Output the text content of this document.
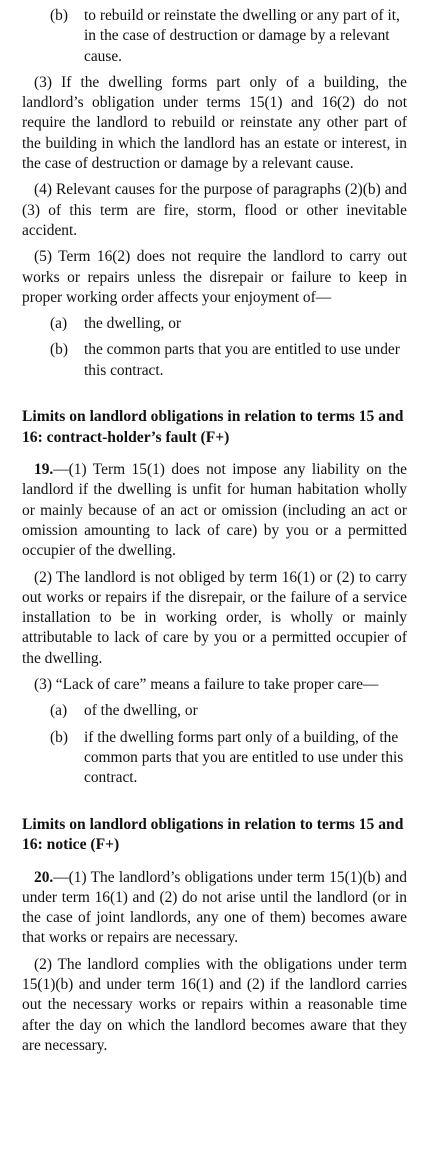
(b)	to rebuild or reinstate the dwelling or any part of it, in the case of destruction or damage by a relevant cause.

(3) If the dwelling forms part only of a building, the landlord’s obligation under terms 15(1) and 16(2) do not require the landlord to rebuild or reinstate any other part of the building in which the landlord has an estate or interest, in the case of destruction or damage by a relevant cause.

(4) Relevant causes for the purpose of paragraphs (2)(b) and (3) of this term are fire, storm, flood or other inevitable accident.

(5) Term 16(2) does not require the landlord to carry out works or repairs unless the disrepair or failure to keep in proper working order affects your enjoyment of—

(a)	the dwelling, or
(b)	the common parts that you are entitled to use under this contract.
Limits on landlord obligations in relation to terms 15 and 16: contract-holder’s fault (F+)

19.—(1) Term 15(1) does not impose any liability on the landlord if the dwelling is unfit for human habitation wholly or mainly because of an act or omission (including an act or omission amounting to lack of care) by you or a permitted occupier of the dwelling.

(2) The landlord is not obliged by term 16(1) or (2) to carry out works or repairs if the disrepair, or the failure of a service installation to be in working order, is wholly or mainly attributable to lack of care by you or a permitted occupier of the dwelling.

(3) “Lack of care” means a failure to take proper care—

(a)	of the dwelling, or
(b)	if the dwelling forms part only of a building, of the common parts that you are entitled to use under this contract.
Limits on landlord obligations in relation to terms 15 and 16: notice (F+)

20.—(1) The landlord’s obligations under term 15(1)(b) and under term 16(1) and (2) do not arise until the landlord (or in the case of joint landlords, any one of them) becomes aware that works or repairs are necessary.

(2) The landlord complies with the obligations under term 15(1)(b) and under term 16(1) and (2) if the landlord carries out the necessary works or repairs within a reasonable time after the day on which the landlord becomes aware that they are necessary.
